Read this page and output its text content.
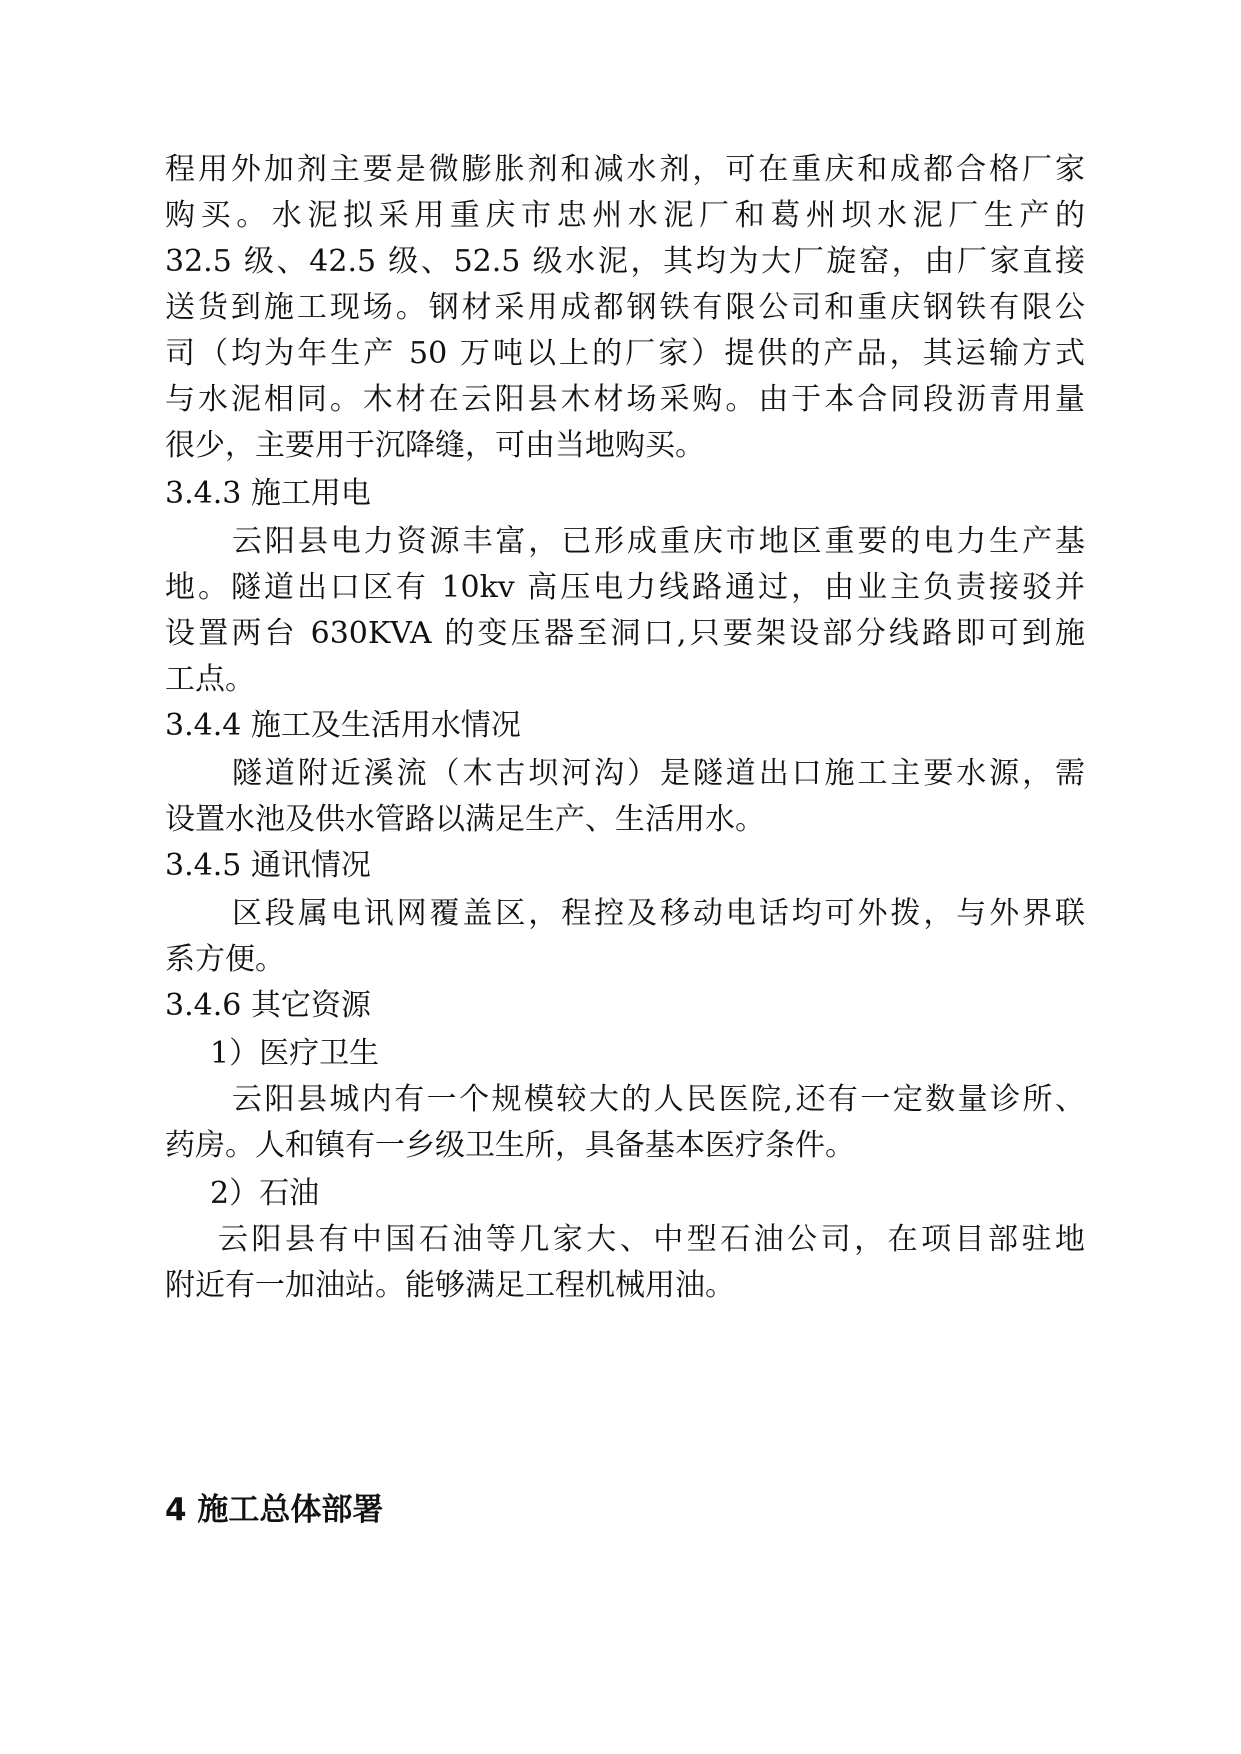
程用外加剂主要是微膨胀剂和减水剂，可在重庆和成都合格厂家
购买。水泥拟采用重庆市忠州水泥厂和葛州坝水泥厂生产的
32.5 级、42.5 级、52.5 级水泥，其均为大厂旋窑，由厂家直接
送货到施工现场。钢材采用成都钢铁有限公司和重庆钢铁有限公
司（均为年生产 50 万吨以上的厂家）提供的产品，其运输方式
与水泥相同。木材在云阳县木材场采购。由于本合同段沥青用量
很少，主要用于沉降缝，可由当地购买。
3.4.3 施工用电
云阳县电力资源丰富，已形成重庆市地区重要的电力生产基
地。隧道出口区有 10kv 高压电力线路通过，由业主负责接驳并
设置两台 630KVA 的变压器至洞口,只要架设部分线路即可到施
工点。
3.4.4 施工及生活用水情况
隧道附近溪流（木古坝河沟）是隧道出口施工主要水源，需
设置水池及供水管路以满足生产、生活用水。
3.4.5 通讯情况
区段属电讯网覆盖区，程控及移动电话均可外拨，与外界联
系方便。
3.4.6 其它资源
1）医疗卫生
云阳县城内有一个规模较大的人民医院,还有一定数量诊所、
药房。人和镇有一乡级卫生所，具备基本医疗条件。
2）石油
云阳县有中国石油等几家大、中型石油公司，在项目部驻地
附近有一加油站。能够满足工程机械用油。
4 施工总体部署
